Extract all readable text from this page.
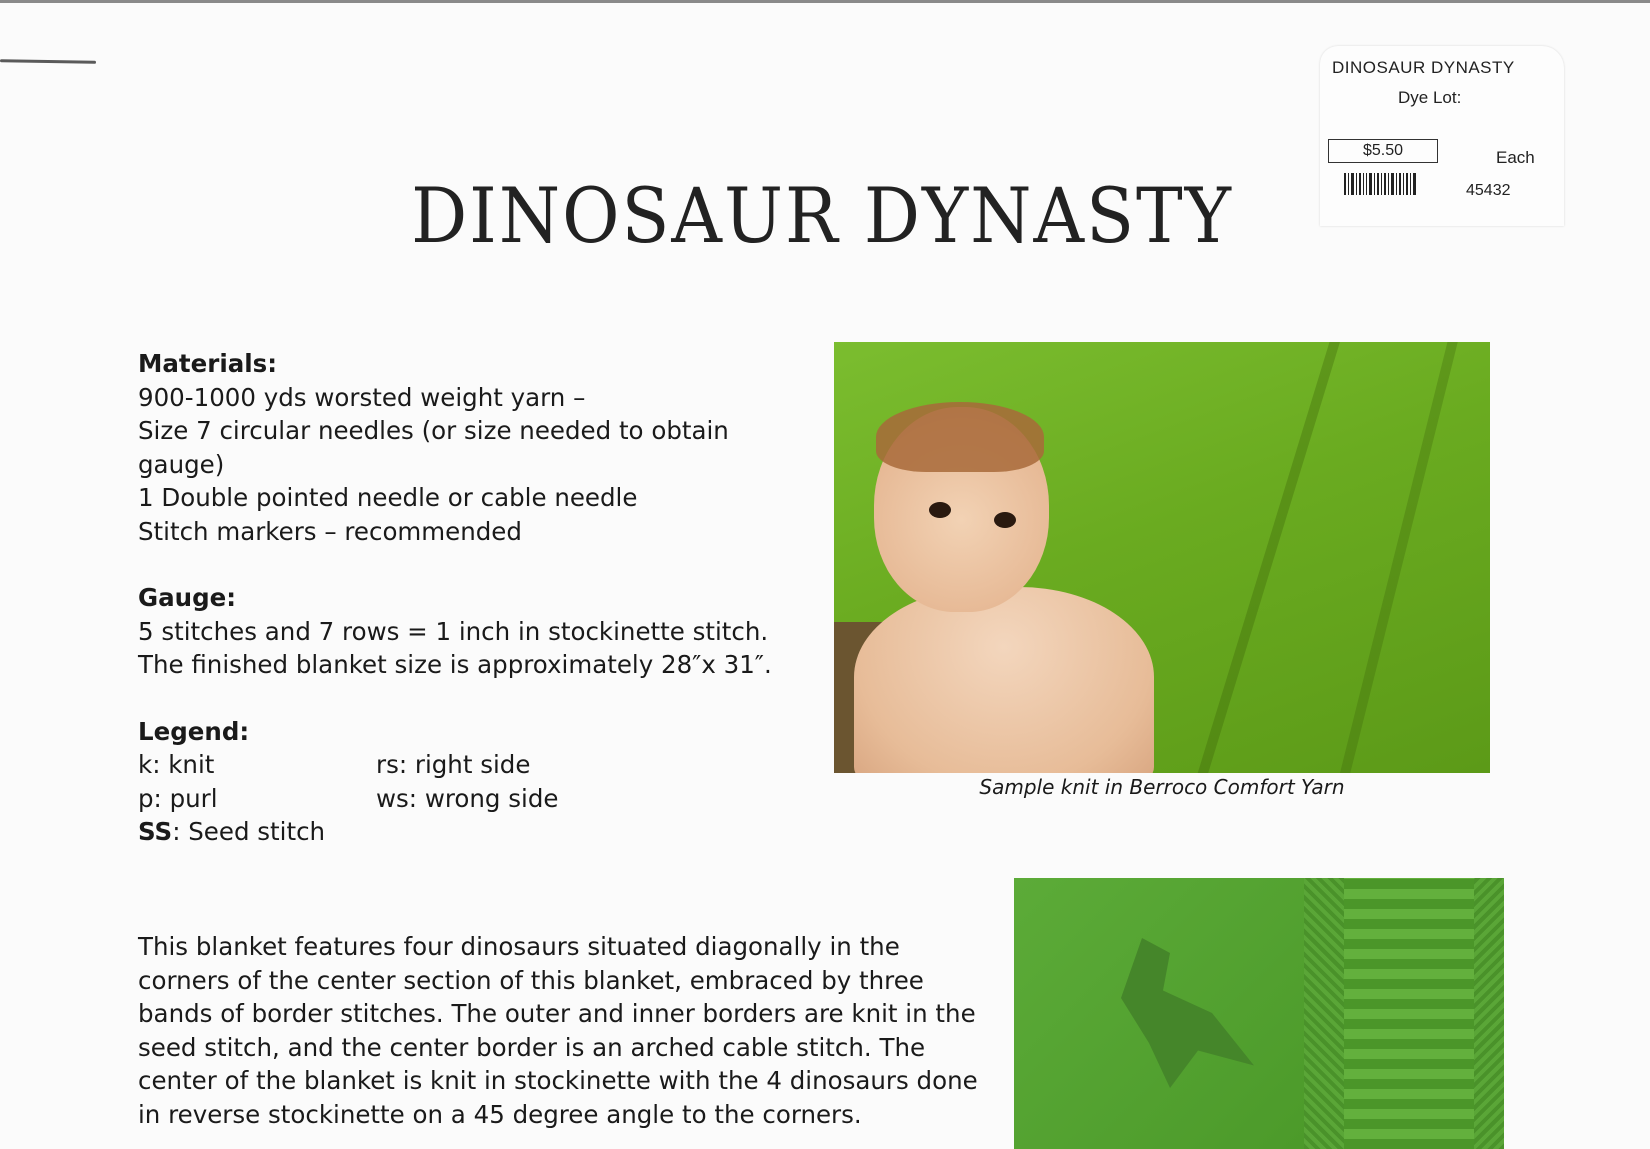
DINOSAUR DYNASTY
Dye Lot:
$5.50	Each
45432
DINOSAUR DYNASTY

Materials:

900-1000 yds worsted weight yarn –

Size 7 circular needles (or size needed to obtain

gauge)

1 Double pointed needle or cable needle

Stitch markers – recommended

Gauge:

5 stitches and 7 rows = 1 inch in stockinette stitch.

The finished blanket size is approximately 28″x 31″.

Legend:

k: knit	rs: right side

p: purl	ws: wrong side

SS: Seed stitch

Sample knit in Berroco Comfort Yarn

This blanket features four dinosaurs situated diagonally in the

corners of the center section of this blanket, embraced by three

bands of border stitches. The outer and inner borders are knit in the

seed stitch, and the center border is an arched cable stitch. The

center of the blanket is knit in stockinette with the 4 dinosaurs done

in reverse stockinette on a 45 degree angle to the corners.
